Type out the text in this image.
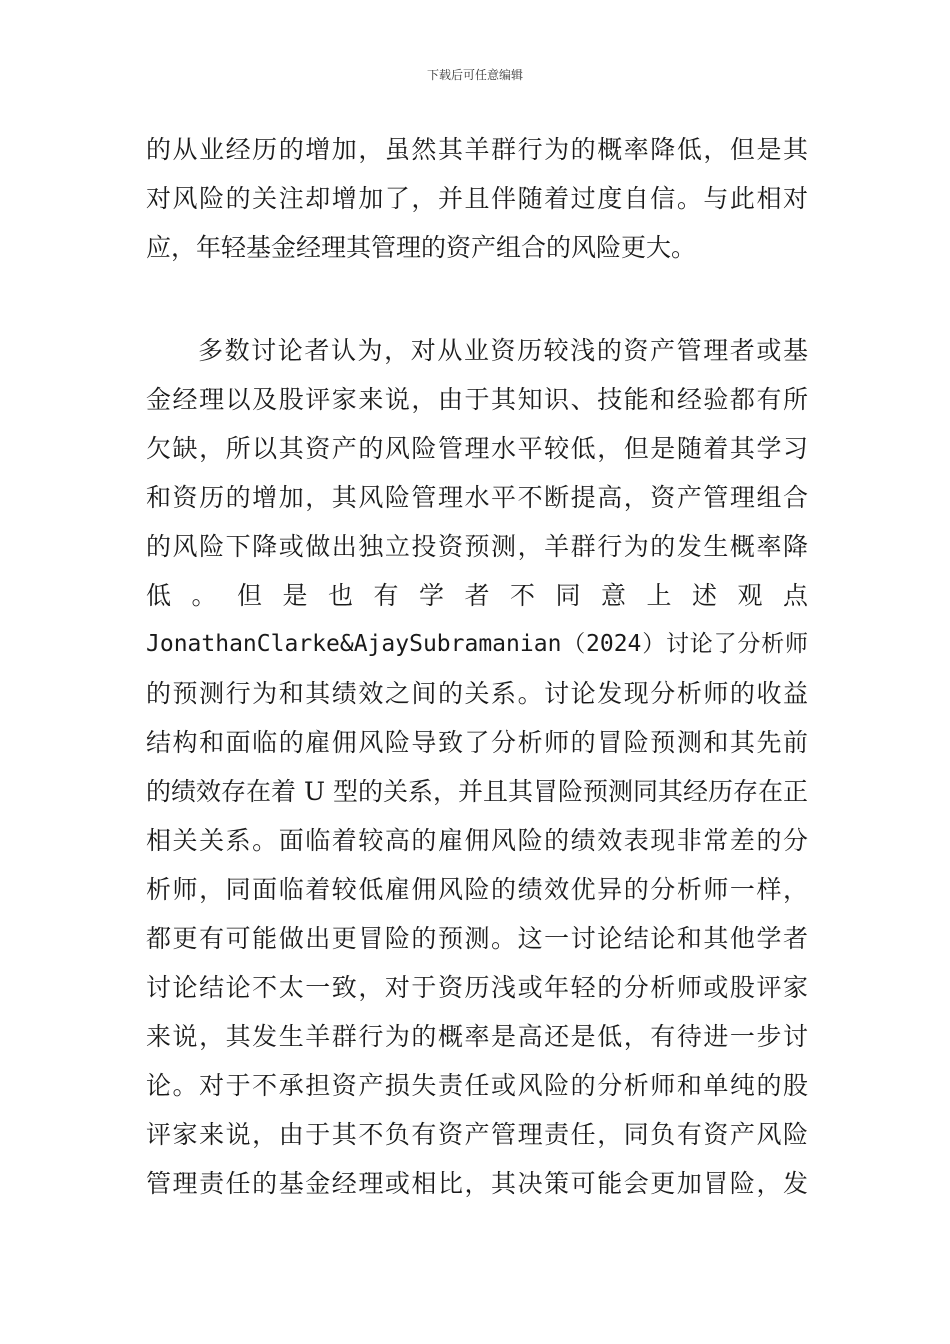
下载后可任意编辑
的从业经历的增加，虽然其羊群行为的概率降低，但是其
对风险的关注却增加了，并且伴随着过度自信。与此相对
应，年轻基金经理其管理的资产组合的风险更大。
多数讨论者认为，对从业资历较浅的资产管理者或基
金经理以及股评家来说，由于其知识、技能和经验都有所
欠缺，所以其资产的风险管理水平较低，但是随着其学习
和资历的增加，其风险管理水平不断提高，资产管理组合
的风险下降或做出独立投资预测，羊群行为的发生概率降
低 。 但 是 也 有 学 者 不 同 意 上 述 观 点
JonathanClarke&AjaySubramanian（2024）讨论了分析师
的预测行为和其绩效之间的关系。讨论发现分析师的收益
结构和面临的雇佣风险导致了分析师的冒险预测和其先前
的绩效存在着 U 型的关系，并且其冒险预测同其经历存在正
相关关系。面临着较高的雇佣风险的绩效表现非常差的分
析师，同面临着较低雇佣风险的绩效优异的分析师一样，
都更有可能做出更冒险的预测。这一讨论结论和其他学者
讨论结论不太一致，对于资历浅或年轻的分析师或股评家
来说，其发生羊群行为的概率是高还是低，有待进一步讨
论。对于不承担资产损失责任或风险的分析师和单纯的股
评家来说，由于其不负有资产管理责任，同负有资产风险
管理责任的基金经理或相比，其决策可能会更加冒险，发
